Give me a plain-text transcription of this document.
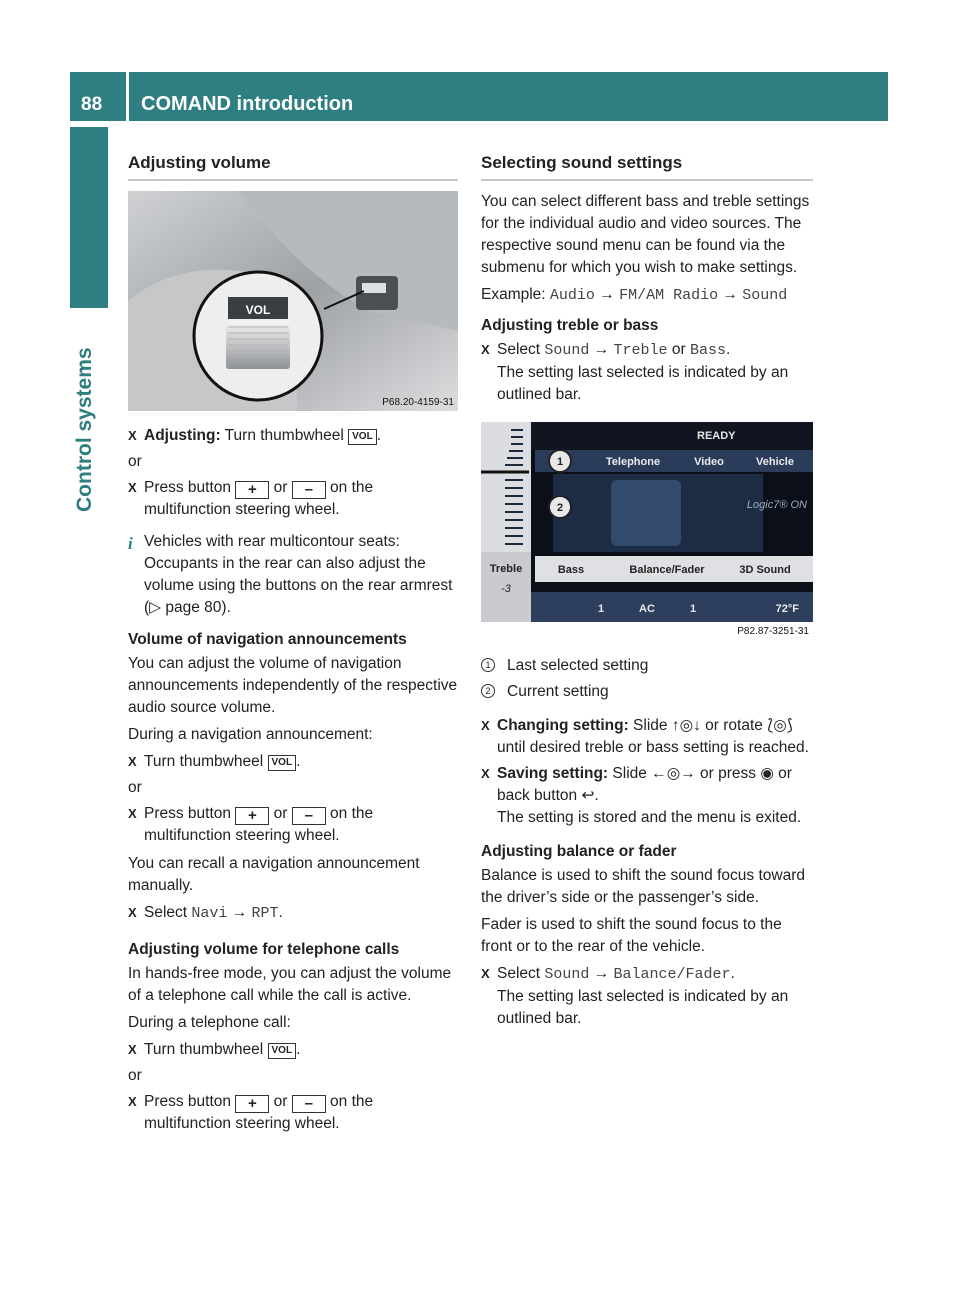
88	COMAND introduction
Control systems
Adjusting volume
VOL
P68.20-4159-31
X Adjusting: Turn thumbwheel VOL .
or
X Press button + or – on the multifunction steering wheel.
i Vehicles with rear multicontour seats: Occupants in the rear can also adjust the volume using the buttons on the rear armrest (▷ page 80).
Volume of navigation announcements

You can adjust the volume of navigation announcements independently of the respective audio source volume.

During a navigation announcement:

X Turn thumbwheel VOL .
or
X Press button + or – on the multifunction steering wheel.

You can recall a navigation announcement manually.

X Select Navi → RPT.
Adjusting volume for telephone calls

In hands-free mode, you can adjust the volume of a telephone call while the call is active.

During a telephone call:

X Turn thumbwheel VOL .
or
X Press button + or – on the multifunction steering wheel.
Selecting sound settings

You can select different bass and treble settings for the individual audio and video sources. The respective sound menu can be found via the submenu for which you wish to make settings.

Example: Audio → FM/AM Radio → Sound

Adjusting treble or bass
X Select Sound → Treble or Bass.
The setting last selected is indicated by an outlined bar.
1
2
READY
Telephone	Video	Vehicle
Logic7® ON
Treble
-3
Bass	Balance/Fader	3D Sound
1	AC	1	72°F
P82.87-3251-31
1 Last selected setting
2 Current setting
X Changing setting: Slide ↑◎↓ or rotate ⟅◎⟆ until desired treble or bass setting is reached.
X Saving setting: Slide ←◎→ or press ◉ or back button ↩.
The setting is stored and the menu is exited.
Adjusting balance or fader

Balance is used to shift the sound focus toward the driver’s side or the passenger’s side.

Fader is used to shift the sound focus to the front or to the rear of the vehicle.

X Select Sound → Balance/Fader.
The setting last selected is indicated by an outlined bar.
